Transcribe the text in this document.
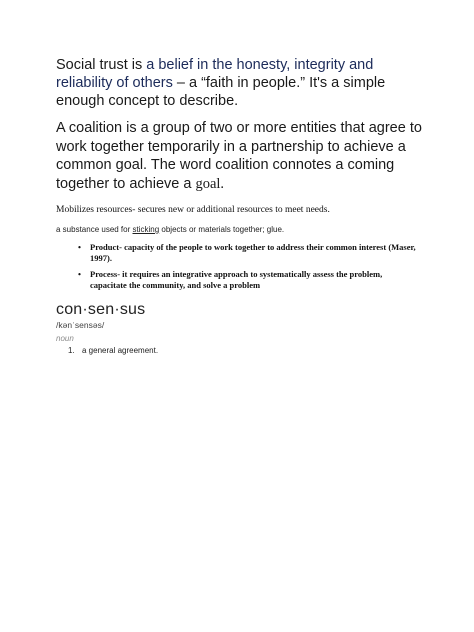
Social trust is a belief in the honesty, integrity and reliability of others – a “faith in people.” It's a simple enough concept to describe.

A coalition is a group of two or more entities that agree to work together temporarily in a partnership to achieve a common goal. The word coalition connotes a coming together to achieve a goal.

Mobilizes resources- secures new or additional resources to meet needs.

a substance used for sticking objects or materials together; glue.

• Product- capacity of the people to work together to address their common interest (Maser, 1997).
• Process- it requires an integrative approach to systematically assess the problem, capacitate the community, and solve a problem
con·sen·sus
/kənˈsensəs/
noun
1. a general agreement.
